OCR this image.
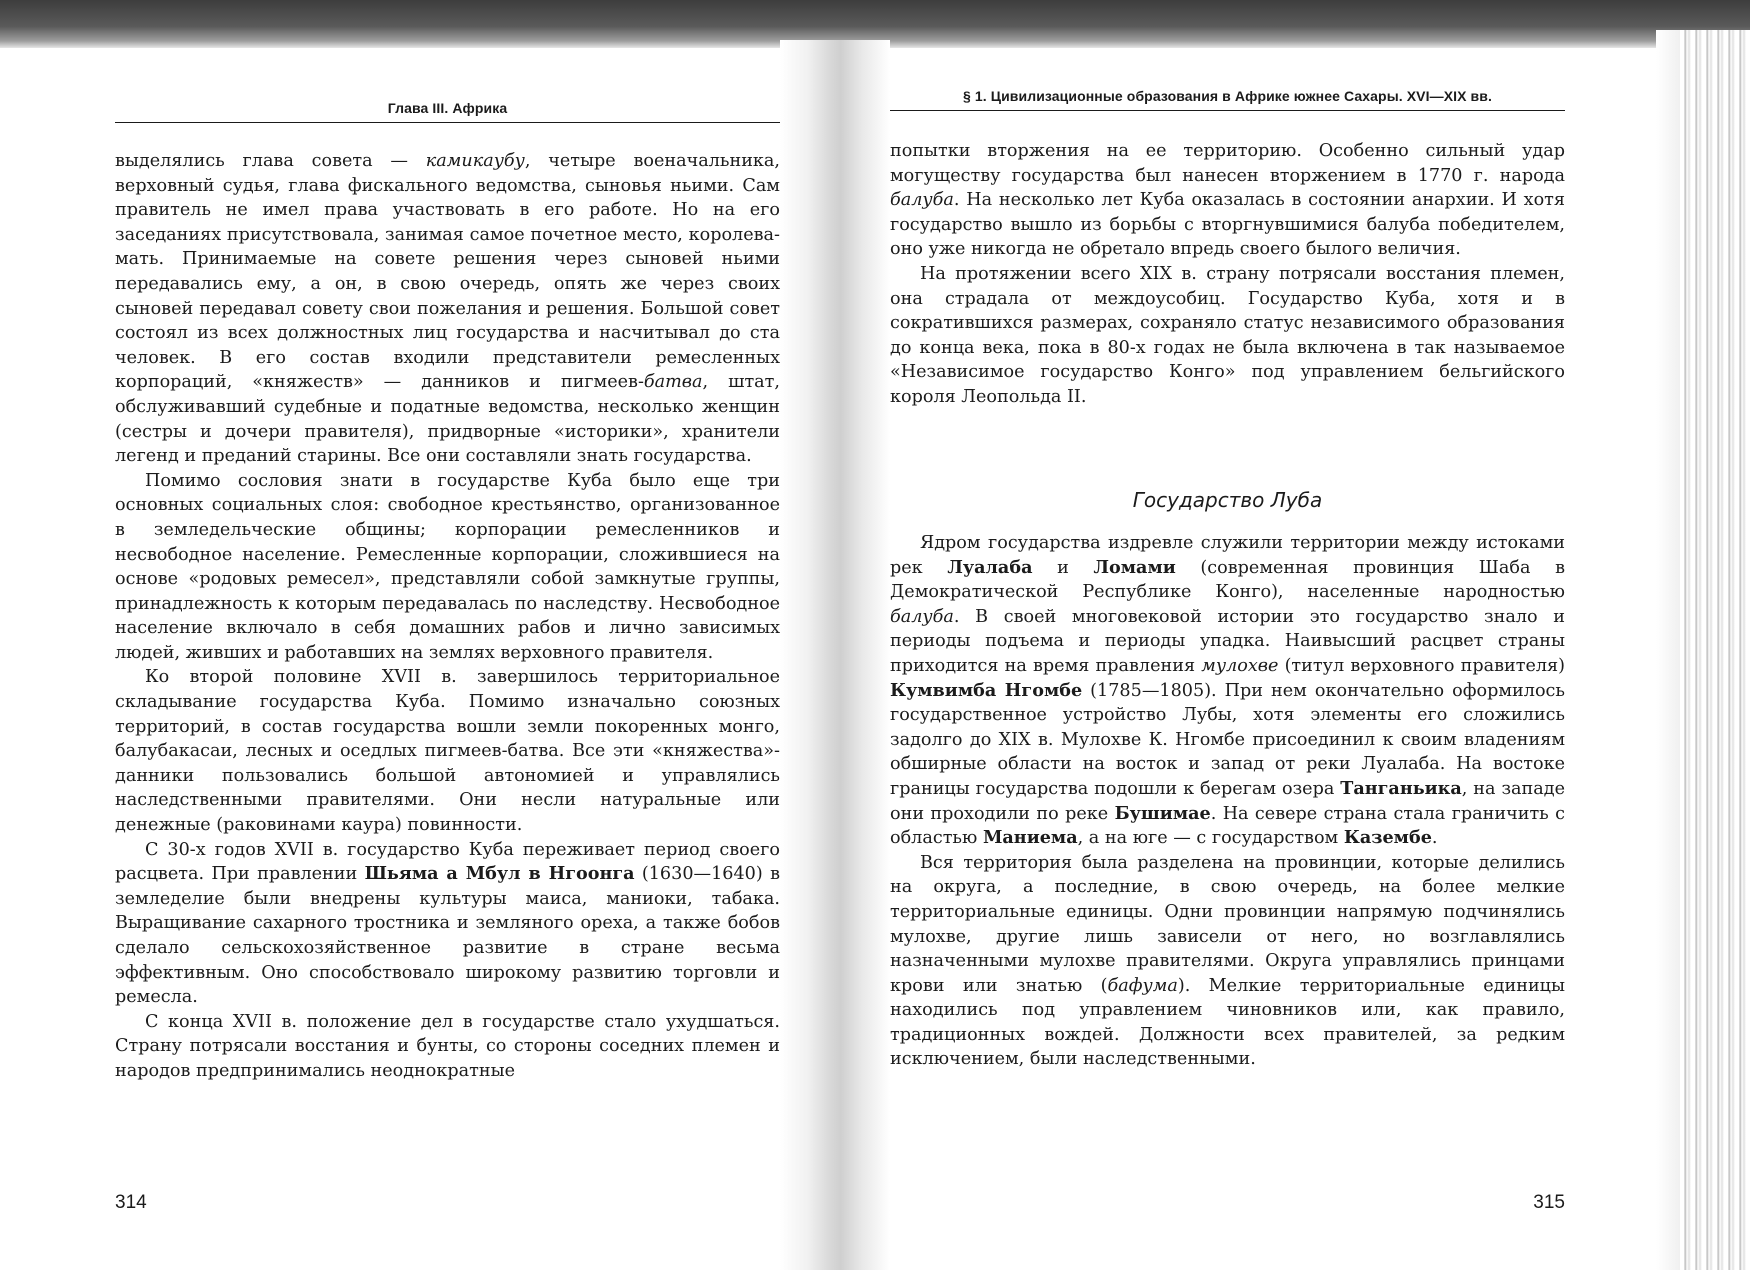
Глава III. Африка

выделялись глава совета — камикаубу, четыре военачальника, верховный судья, глава фискального ведомства, сыновья ньими. Сам правитель не имел права участвовать в его работе. Но на его заседаниях присутствовала, занимая самое почетное место, королева-мать. Принимаемые на совете решения через сыновей ньими передавались ему, а он, в свою очередь, опять же через своих сыновей передавал совету свои пожелания и решения. Большой совет состоял из всех должностных лиц государства и насчитывал до ста человек. В его состав входили представители ремесленных корпораций, «княжеств» — данников и пигмеев-батва, штат, обслуживавший судебные и податные ведомства, несколько женщин (сестры и дочери правителя), придворные «историки», хранители легенд и преданий старины. Все они составляли знать государства.

Помимо сословия знати в государстве Куба было еще три основных социальных слоя: свободное крестьянство, организованное в земледельческие общины; корпорации ремесленников и несвободное население. Ремесленные корпорации, сложившиеся на основе «родовых ремесел», представляли собой замкнутые группы, принадлежность к которым передавалась по наследству. Несвободное население включало в себя домашних рабов и лично зависимых людей, живших и работавших на землях верховного правителя.

Ко второй половине XVII в. завершилось территориальное складывание государства Куба. Помимо изначально союзных территорий, в состав государства вошли земли покоренных монго, балубакасаи, лесных и оседлых пигмеев-батва. Все эти «княжества»-данники пользовались большой автономией и управлялись наследственными правителями. Они несли натуральные или денежные (раковинами каура) повинности.

С 30-х годов XVII в. государство Куба переживает период своего расцвета. При правлении Шьяма а Мбул в Нгоонга (1630—1640) в земледелие были внедрены культуры маиса, маниоки, табака. Выращивание сахарного тростника и земляного ореха, а также бобов сделало сельскохозяйственное развитие в стране весьма эффективным. Оно способствовало широкому развитию торговли и ремесла.

С конца XVII в. положение дел в государстве стало ухудшаться. Страну потрясали восстания и бунты, со стороны соседних племен и народов предпринимались неоднократные

314
§ 1. Цивилизационные образования в Африке южнее Сахары. XVI—XIX вв.

попытки вторжения на ее территорию. Особенно сильный удар могуществу государства был нанесен вторжением в 1770 г. народа балуба. На несколько лет Куба оказалась в состоянии анархии. И хотя государство вышло из борьбы с вторгнувшимися балуба победителем, оно уже никогда не обретало впредь своего былого величия.

На протяжении всего XIX в. страну потрясали восстания племен, она страдала от междоусобиц. Государство Куба, хотя и в сократившихся размерах, сохраняло статус независимого образования до конца века, пока в 80-х годах не была включена в так называемое «Независимое государство Конго» под управлением бельгийского короля Леопольда II.

Государство Луба

Ядром государства издревле служили территории между истоками рек Луалаба и Ломами (современная провинция Шаба в Демократической Республике Конго), населенные народностью балуба. В своей многовековой истории это государство знало и периоды подъема и периоды упадка. Наивысший расцвет страны приходится на время правления мулохве (титул верховного правителя) Кумвимба Нгомбе (1785—1805). При нем окончательно оформилось государственное устройство Лубы, хотя элементы его сложились задолго до XIX в. Мулохве К. Нгомбе присоединил к своим владениям обширные области на восток и запад от реки Луалаба. На востоке границы государства подошли к берегам озера Танганьика, на западе они проходили по реке Бушимае. На севере страна стала граничить с областью Маниема, а на юге — с государством Казембе.

Вся территория была разделена на провинции, которые делились на округа, а последние, в свою очередь, на более мелкие территориальные единицы. Одни провинции напрямую подчинялись мулохве, другие лишь зависели от него, но возглавлялись назначенными мулохве правителями. Округа управлялись принцами крови или знатью (бафума). Мелкие территориальные единицы находились под управлением чиновников или, как правило, традиционных вождей. Должности всех правителей, за редким исключением, были наследственными.

315
